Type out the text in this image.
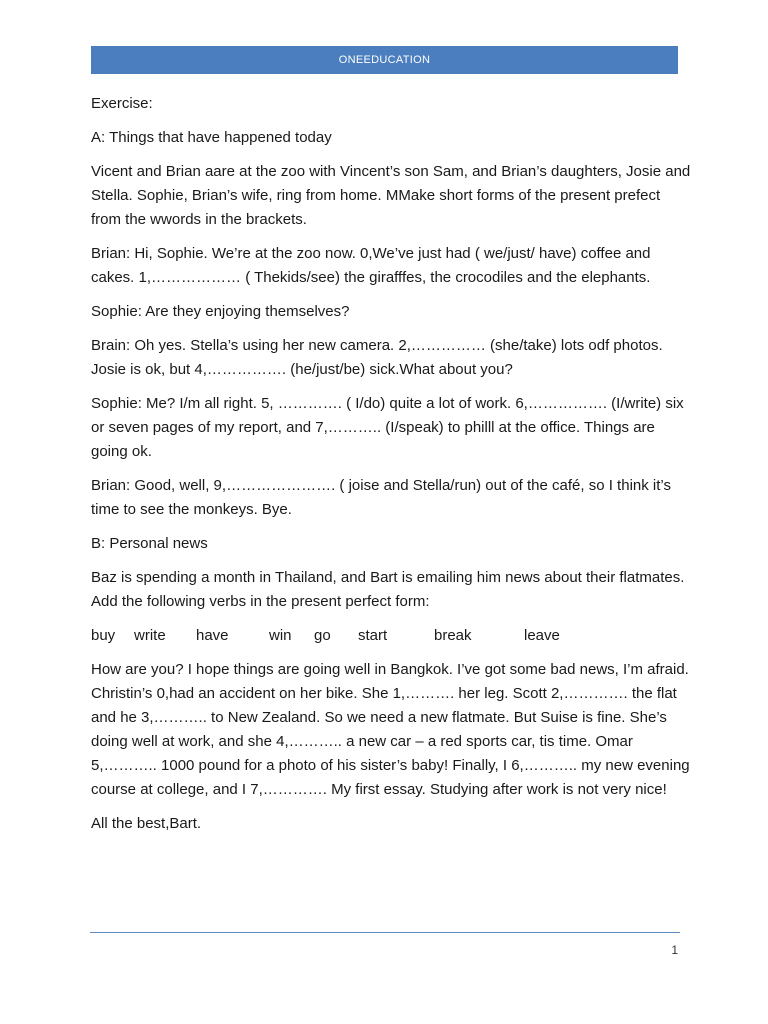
ONEEDUCATION

Exercise:

A: Things that have happened today

Vicent and Brian aare at the zoo with Vincent’s son Sam, and Brian’s daughters, Josie and Stella. Sophie, Brian’s wife, ring from home. MMake short forms of the present prefect from the wwords in the brackets.

Brian: Hi, Sophie. We’re at the zoo now. 0,We’ve just had ( we/just/ have) coffee and cakes. 1,……………… ( Thekids/see) the girafffes, the crocodiles and the elephants.

Sophie: Are they enjoying themselves?

Brain: Oh yes. Stella’s using her new camera. 2,…………… (she/take) lots odf photos. Josie is ok, but 4,……………. (he/just/be) sick.What about you?

Sophie: Me? I/m all right. 5, …………. ( I/do) quite a lot of work. 6,……………. (I/write) six or seven pages of my report, and 7,……….. (I/speak) to philll at the office. Things are going ok.

Brian: Good, well, 9,…………………. ( joise and Stella/run) out of the café, so I think it’s time to see the monkeys. Bye.

B: Personal news

Baz is spending a month in Thailand, and Bart is emailing him news about their flatmates. Add the following verbs in the present perfect form:

buy write have	win go start	break	leave

How are you? I hope things are going well in Bangkok. I’ve got some bad news, I’m afraid. Christin’s 0,had an accident on her bike. She 1,………. her leg. Scott 2,…………. the flat and he 3,……….. to New Zealand. So we need a new flatmate. But Suise is fine. She’s doing well at work, and she 4,……….. a new car – a red sports car, tis time. Omar 5,……….. 1000 pound for a photo of his sister’s baby! Finally, I 6,……….. my new evening course at college, and I 7,…………. My first essay. Studying after work is not very nice!

All the best,Bart.

1
